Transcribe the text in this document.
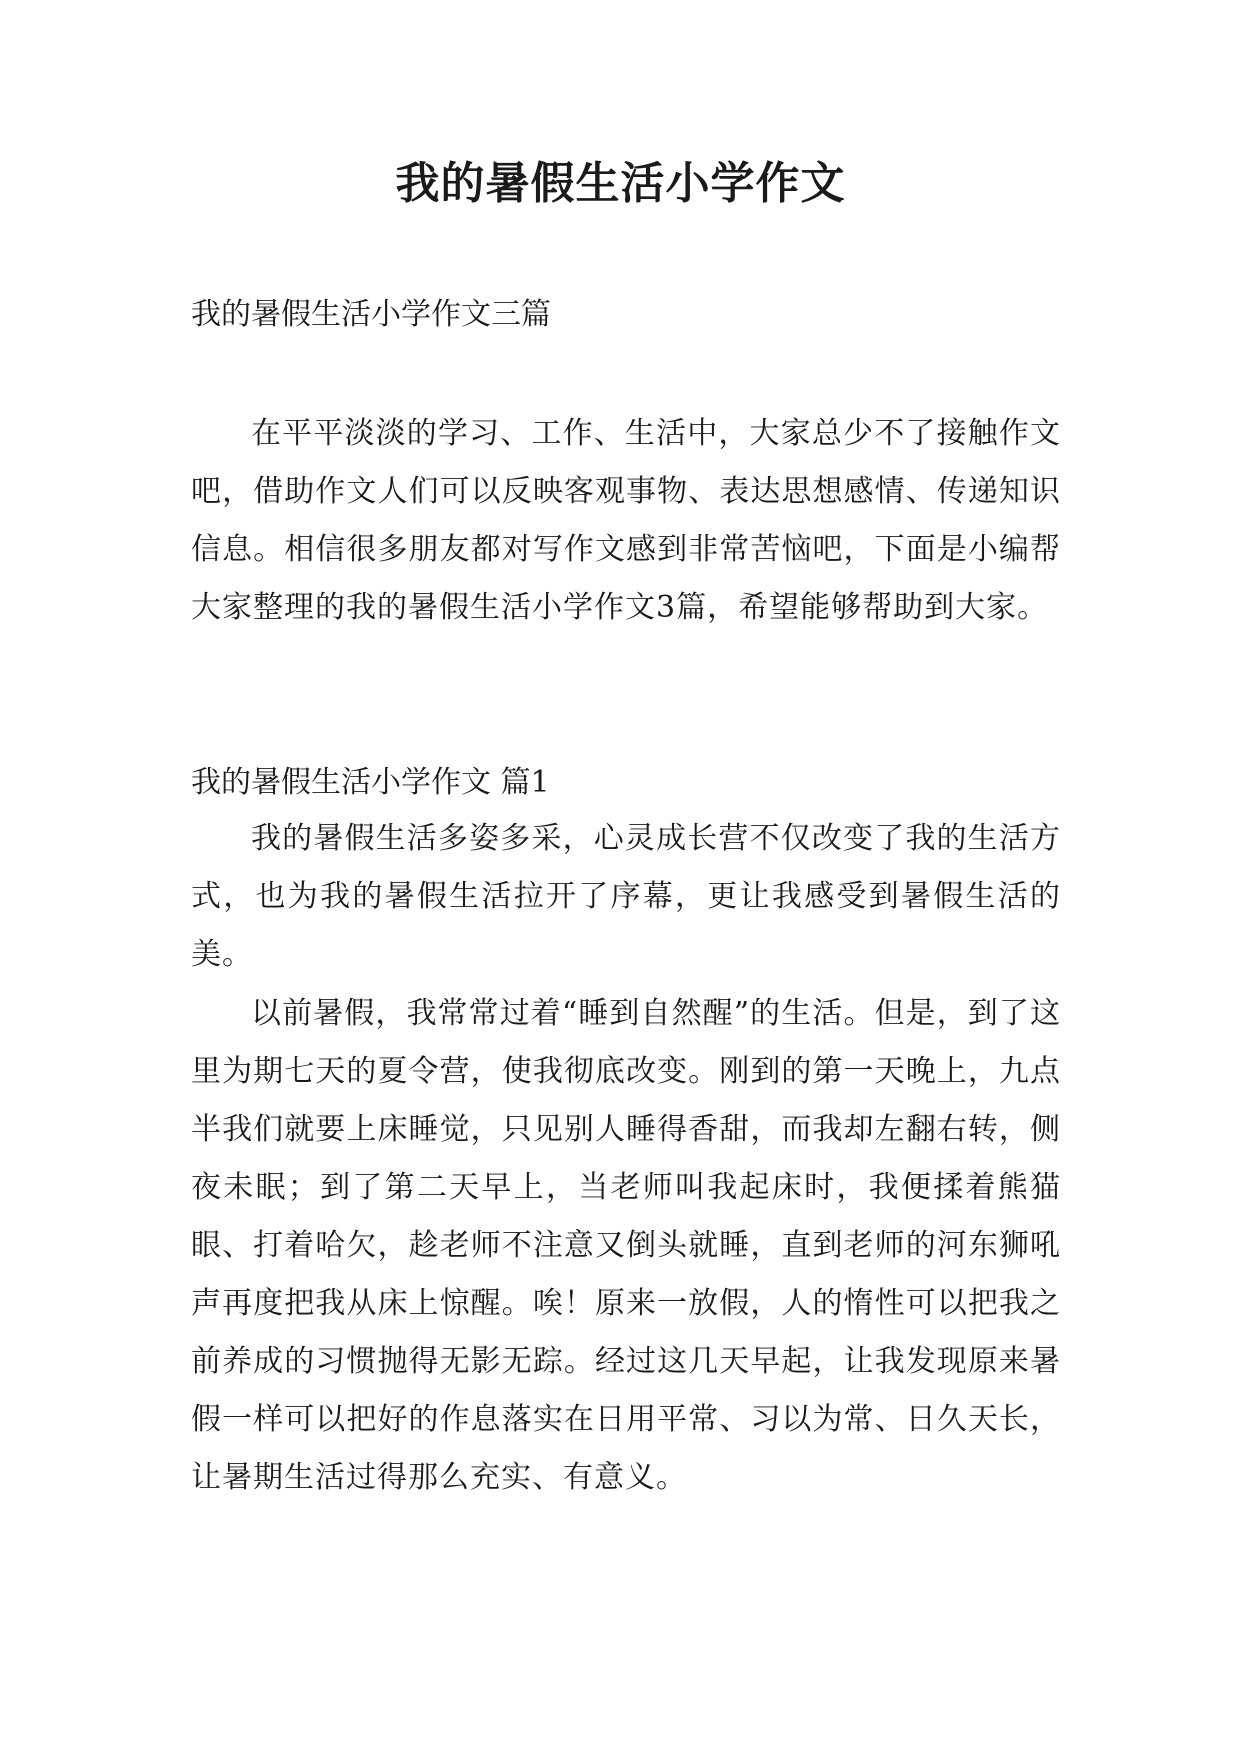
我的暑假生活小学作文

我的暑假生活小学作文三篇

在平平淡淡的学习、工作、生活中，大家总少不了接触作文吧，借助作文人们可以反映客观事物、表达思想感情、传递知识信息。相信很多朋友都对写作文感到非常苦恼吧，下面是小编帮大家整理的我的暑假生活小学作文3篇，希望能够帮助到大家。

我的暑假生活小学作文 篇1

我的暑假生活多姿多采，心灵成长营不仅改变了我的生活方式，也为我的暑假生活拉开了序幕，更让我感受到暑假生活的美。

以前暑假，我常常过着“睡到自然醒”的生活。但是，到了这里为期七天的夏令营，使我彻底改变。刚到的第一天晚上，九点半我们就要上床睡觉，只见别人睡得香甜，而我却左翻右转，侧夜未眠；到了第二天早上，当老师叫我起床时，我便揉着熊猫眼、打着哈欠，趁老师不注意又倒头就睡，直到老师的河东狮吼声再度把我从床上惊醒。唉！原来一放假，人的惰性可以把我之前养成的习惯抛得无影无踪。经过这几天早起，让我发现原来暑假一样可以把好的作息落实在日用平常、习以为常、日久天长，让暑期生活过得那么充实、有意义。
